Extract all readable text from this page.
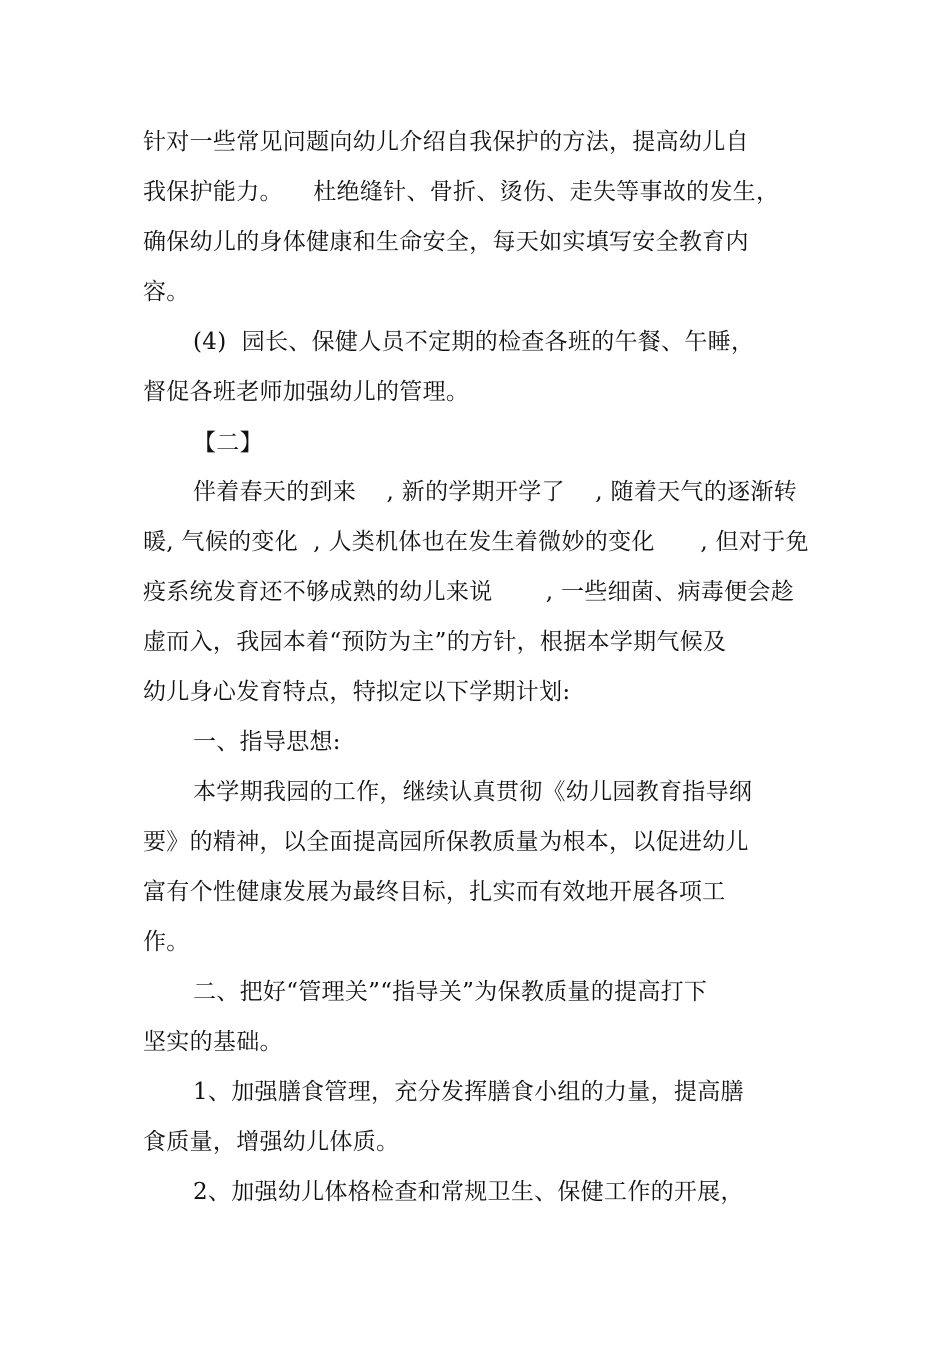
针对一些常见问题向幼儿介绍自我保护的方法，提高幼儿自
我保护能力。    杜绝缝针、骨折、烫伤、走失等事故的发生，
确保幼儿的身体健康和生命安全，每天如实填写安全教育内
容。
(4)  园长、保健人员不定期的检查各班的午餐、午睡，
督促各班老师加强幼儿的管理。
【二】
伴着春天的到来    , 新的学期开学了    , 随着天气的逐渐转
暖, 气候的变化  , 人类机体也在发生着微妙的变化      , 但对于免
疫系统发育还不够成熟的幼儿来说       , 一些细菌、病毒便会趁
虚而入，我园本着“预防为主”的方针，根据本学期气候及
幼儿身心发育特点，特拟定以下学期计划:
一、指导思想:
本学期我园的工作，继续认真贯彻《幼儿园教育指导纲
要》的精神，以全面提高园所保教质量为根本，以促进幼儿
富有个性健康发展为最终目标，扎实而有效地开展各项工
作。
二、把好“管理关”“指导关”为保教质量的提高打下
坚实的基础。
1、加强膳食管理，充分发挥膳食小组的力量，提高膳
食质量，增强幼儿体质。
2、加强幼儿体格检查和常规卫生、保健工作的开展，
